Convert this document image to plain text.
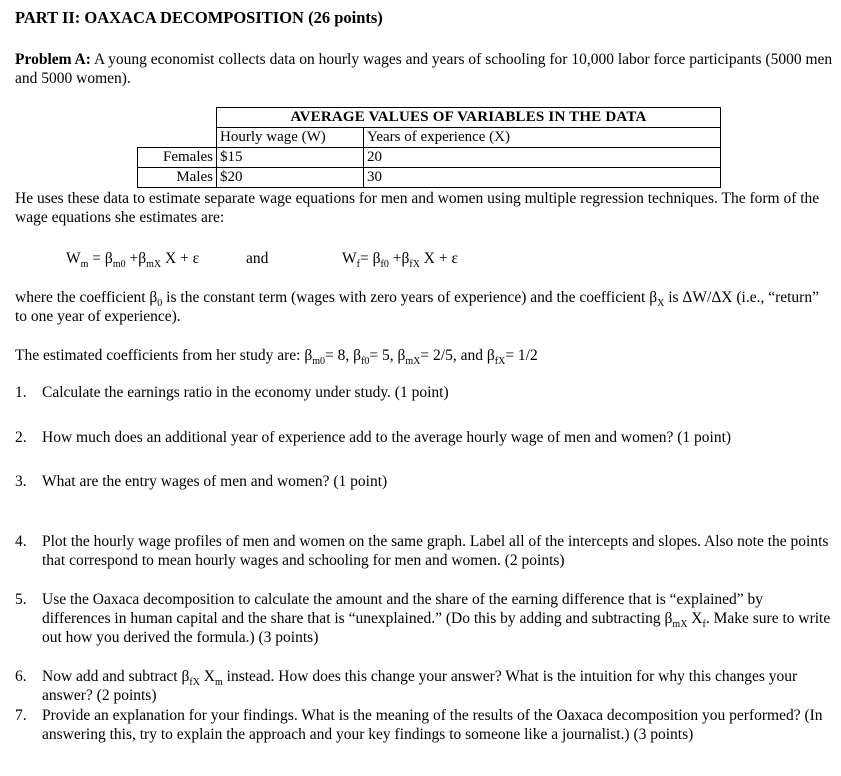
PART II: OAXACA DECOMPOSITION (26 points)
Problem A: A young economist collects data on hourly wages and years of schooling for 10,000 labor force participants (5000 men and 5000 women).
	AVERAGE VALUES OF VARIABLES IN THE DATA	
	Hourly wage (W)	Years of experience (X)
Females	$15	20
Males	$20	30
He uses these data to estimate separate wage equations for men and women using multiple regression techniques. The form of the wage equations she estimates are:
$W_m = \beta_{m0} +\beta_{mX}$ X + ε	and	$W_f= \beta_{f0} +\beta_{fX}$ X + ε
where the coefficient $\beta_0$ is the constant term (wages with zero years of experience) and the coefficient $\beta_X$ is ΔW/ΔX (i.e., “return” to one year of experience).
The estimated coefficients from her study are: $\beta_{m0}= 8$, $\beta_{f0}= 5$, $\beta_{mX}= 2/5$, and $\beta_{fX}= 1/2$
1. Calculate the earnings ratio in the economy under study. (1 point)
2. How much does an additional year of experience add to the average hourly wage of men and women? (1 point)
3. What are the entry wages of men and women? (1 point)
4. Plot the hourly wage profiles of men and women on the same graph. Label all of the intercepts and slopes. Also note the points that correspond to mean hourly wages and schooling for men and women. (2 points)
5. Use the Oaxaca decomposition to calculate the amount and the share of the earning difference that is “explained” by differences in human capital and the share that is “unexplained.” (Do this by adding and subtracting $\beta_{mX}$ $X_f$. Make sure to write out how you derived the formula.) (3 points)
6. Now add and subtract $\beta_{fX}$ $X_m$ instead. How does this change your answer? What is the intuition for why this changes your answer? (2 points)
7. Provide an explanation for your findings. What is the meaning of the results of the Oaxaca decomposition you performed? (In answering this, try to explain the approach and your key findings to someone like a journalist.) (3 points)
